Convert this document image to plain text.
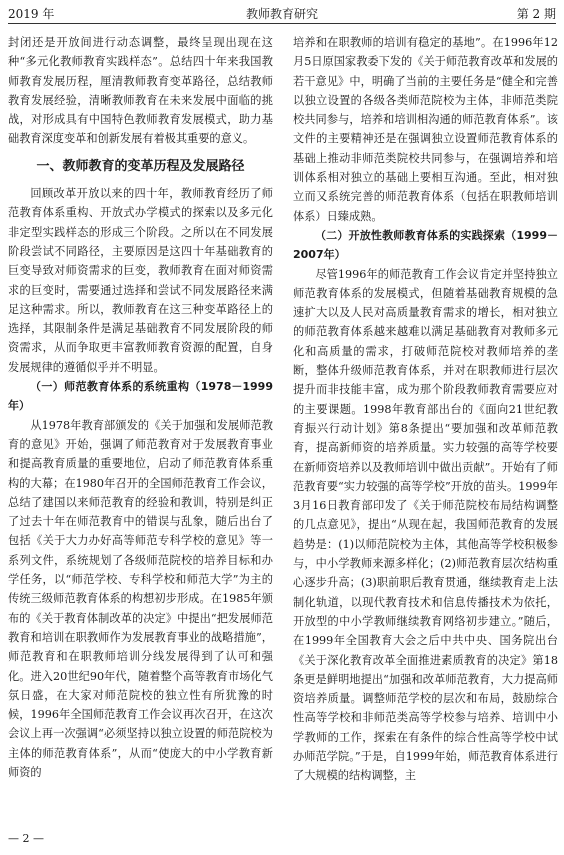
2019 年	教师教育研究	第 2 期

封闭还是开放间进行动态调整，最终呈现出现在这种“多元化教师教育实践样态”。总结四十年来我国教师教育发展历程，厘清教师教育变革路径，总结教师教育发展经验，清晰教师教育在未来发展中面临的挑战，对形成具有中国特色教师教育发展模式，助力基础教育深度变革和创新发展有着极其重要的意义。

一、教师教育的变革历程及发展路径

回顾改革开放以来的四十年，教师教育经历了师范教育体系重构、开放式办学模式的探索以及多元化非定型实践样态的形成三个阶段。之所以在不同发展阶段尝试不同路径，主要原因是这四十年基础教育的巨变导致对师资需求的巨变，教师教育在面对师资需求的巨变时，需要通过选择和尝试不同发展路径来满足这种需求。所以，教师教育在这三种变革路径上的选择，其限制条件是满足基础教育不同发展阶段的师资需求，从而争取更丰富教师教育资源的配置，自身发展规律的遵循似乎并不明显。

（一）师范教育体系的系统重构（1978－1999年）

从1978年教育部颁发的《关于加强和发展师范教育的意见》开始，强调了师范教育对于发展教育事业和提高教育质量的重要地位，启动了师范教育体系重构的大幕；在1980年召开的全国师范教育工作会议，总结了建国以来师范教育的经验和教训，特别是纠正了过去十年在师范教育中的错误与乱象，随后出台了包括《关于大力办好高等师范专科学校的意见》等一系列文件，系统规划了各级师范院校的培养目标和办学任务，以“师范学校、专科学校和师范大学”为主的传统三级师范教育体系的构想初步形成。在1985年颁布的《关于教育体制改革的决定》中提出“把发展师范教育和培训在职教师作为发展教育事业的战略措施”，师范教育和在职教师培训分线发展得到了认可和强化。进入20世纪90年代，随着整个高等教育市场化气氛日盛，在大家对师范院校的独立性有所犹豫的时候，1996年全国师范教育工作会议再次召开，在这次会议上再一次强调“必须坚持以独立设置的师范院校为主体的师范教育体系”，从而“使庞大的中小学教育新师资的

培养和在职教师的培训有稳定的基地”。在1996年12月5日原国家教委下发的《关于师范教育改革和发展的若干意见》中，明确了当前的主要任务是“健全和完善以独立设置的各级各类师范院校为主体，非师范类院校共同参与，培养和培训相沟通的师范教育体系”。该文件的主要精神还是在强调独立设置师范教育体系的基础上推动非师范类院校共同参与，在强调培养和培训体系相对独立的基础上要相互沟通。至此，相对独立而又系统完善的师范教育体系（包括在职教师培训体系）日臻成熟。

（二）开放性教师教育体系的实践探索（1999－2007年）

尽管1996年的师范教育工作会议肯定并坚持独立师范教育体系的发展模式，但随着基础教育规模的急速扩大以及人民对高质量教育需求的增长，相对独立的师范教育体系越来越难以满足基础教育对教师多元化和高质量的需求，打破师范院校对教师培养的垄断，整体升级师范教育体系，并对在职教师进行层次提升而非技能丰富，成为那个阶段教师教育需要应对的主要课题。1998年教育部出台的《面向21世纪教育振兴行动计划》第8条提出“要加强和改革师范教育，提高新师资的培养质量。实力较强的高等学校要在新师资培养以及教师培训中做出贡献”。开始有了师范教育要“实力较强的高等学校”开放的苗头。1999年3月16日教育部印发了《关于师范院校布局结构调整的几点意见》，提出“从现在起，我国师范教育的发展趋势是：(1)以师范院校为主体，其他高等学校积极参与，中小学教师来源多样化；(2)师范教育层次结构重心逐步升高；(3)职前职后教育贯通，继续教育走上法制化轨道，以现代教育技术和信息传播技术为依托，开放型的中小学教师继续教育网络初步建立。”随后，在1999年全国教育大会之后中共中央、国务院出台《关于深化教育改革全面推进素质教育的决定》第18条更是鲜明地提出“加强和改革师范教育，大力提高师资培养质量。调整师范学校的层次和布局，鼓励综合性高等学校和非师范类高等学校参与培养、培训中小学教师的工作，探索在有条件的综合性高等学校中试办师范学院。”于是，自1999年始，师范教育体系进行了大规模的结构调整，主

— 2 —
